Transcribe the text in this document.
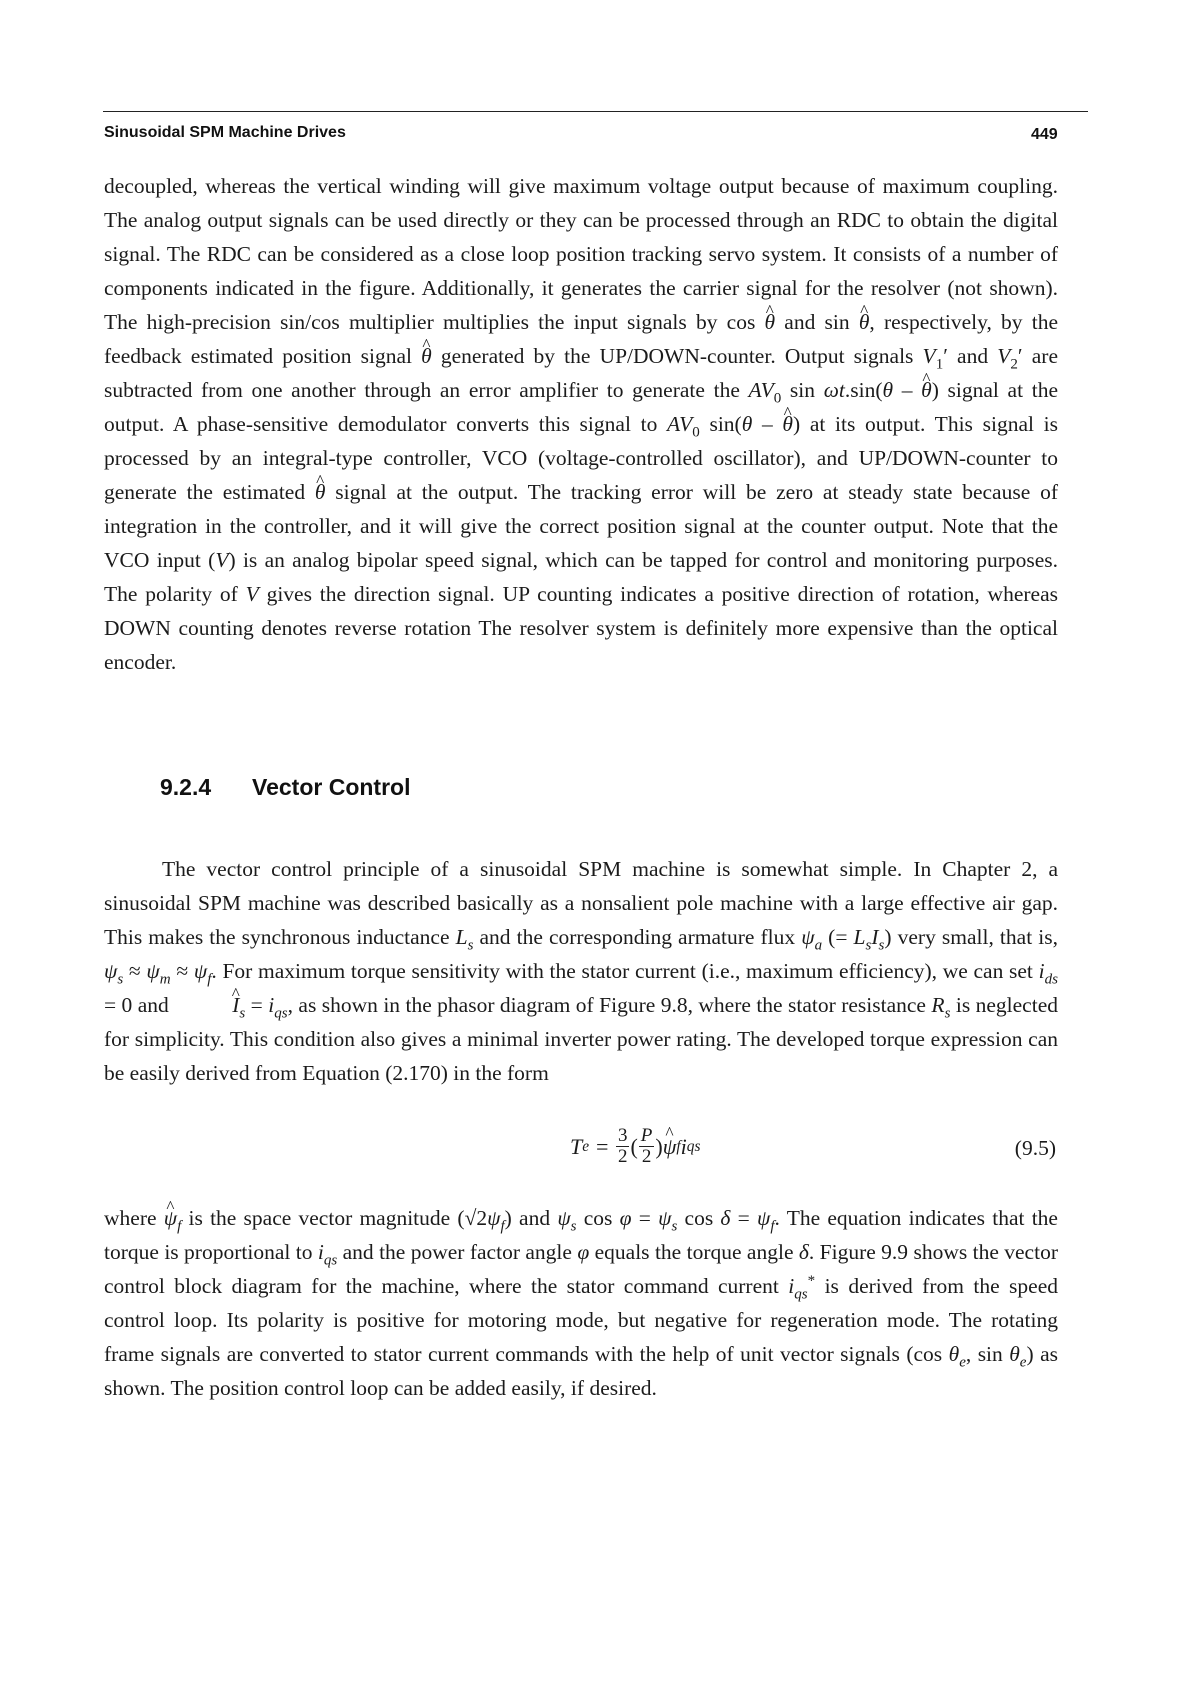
Sinusoidal SPM Machine Drives	449

decoupled, whereas the vertical winding will give maximum voltage output because of maximum coupling. The analog output signals can be used directly or they can be processed through an RDC to obtain the digital signal. The RDC can be considered as a close loop position tracking servo system. It consists of a number of components indicated in the figure. Additionally, it generates the carrier signal for the resolver (not shown). The high-precision sin/cos multiplier multiplies the input signals by cos ^ θ and sin ^ θ, respectively, by the feedback estimated position signal ^ θ generated by the UP/DOWN-counter. Output signals $V_1'$ and $V_2'$ are subtracted from one another through an error amplifier to generate the $AV_0$ sin ωt.sin(θ – ^ θ) signal at the output. A phase-sensitive demodulator converts this signal to $AV_0$ sin(θ – ^ θ) at its output. This signal is processed by an integral-type controller, VCO (voltage-controlled oscillator), and UP/DOWN-counter to generate the estimated ^ θ signal at the output. The tracking error will be zero at steady state because of integration in the controller, and it will give the correct position signal at the counter output. Note that the VCO input (V) is an analog bipolar speed signal, which can be tapped for control and monitoring purposes. The polarity of V gives the direction signal. UP counting indicates a positive direction of rotation, whereas DOWN counting denotes reverse rotation The resolver system is definitely more expensive than the optical encoder.

9.2.4 Vector Control

The vector control principle of a sinusoidal SPM machine is somewhat simple. In Chapter 2, a sinusoidal SPM machine was described basically as a nonsalient pole machine with a large effective air gap. This makes the synchronous inductance $L_s$ and the corresponding armature flux $\psi_a$ (= $L_sI_s$) very small, that is, $\psi_s \approx \psi_m \approx \psi_f$. For maximum torque sensitivity with the stator current (i.e., maximum efficiency), we can set $i_{ds} = 0$ and	^ $I_s = i_{qs}$, as shown in the phasor diagram of Figure 9.8, where the stator resistance $R_s$ is neglected for simplicity. This condition also gives a minimal inverter power rating. The developed torque expression can be easily derived from Equation (2.170) in the form

T $e = \frac{3}{2}$ ( $\frac{P}{2}$ ) ^ ψ f i qs	(9.5)

where ^ $\psi_f$ is the space vector magnitude $(√2\psi_f)$ and $\psi_s$ $\cos \varphi = \psi_s$ $\cos \delta = \psi_f$. The equation indicates that the torque is proportional to $i_{qs}$ and the power factor angle φ equals the torque angle δ. Figure 9.9 shows the vector control block diagram for the machine, where the stator command current $i_{qs}^*$ is derived from the speed control loop. Its polarity is positive for motoring mode, but negative for regeneration mode. The rotating frame signals are converted to stator current commands with the help of unit vector signals (cos $\theta_e$, $\sin \theta_e$) as shown. The position control loop can be added easily, if desired.
